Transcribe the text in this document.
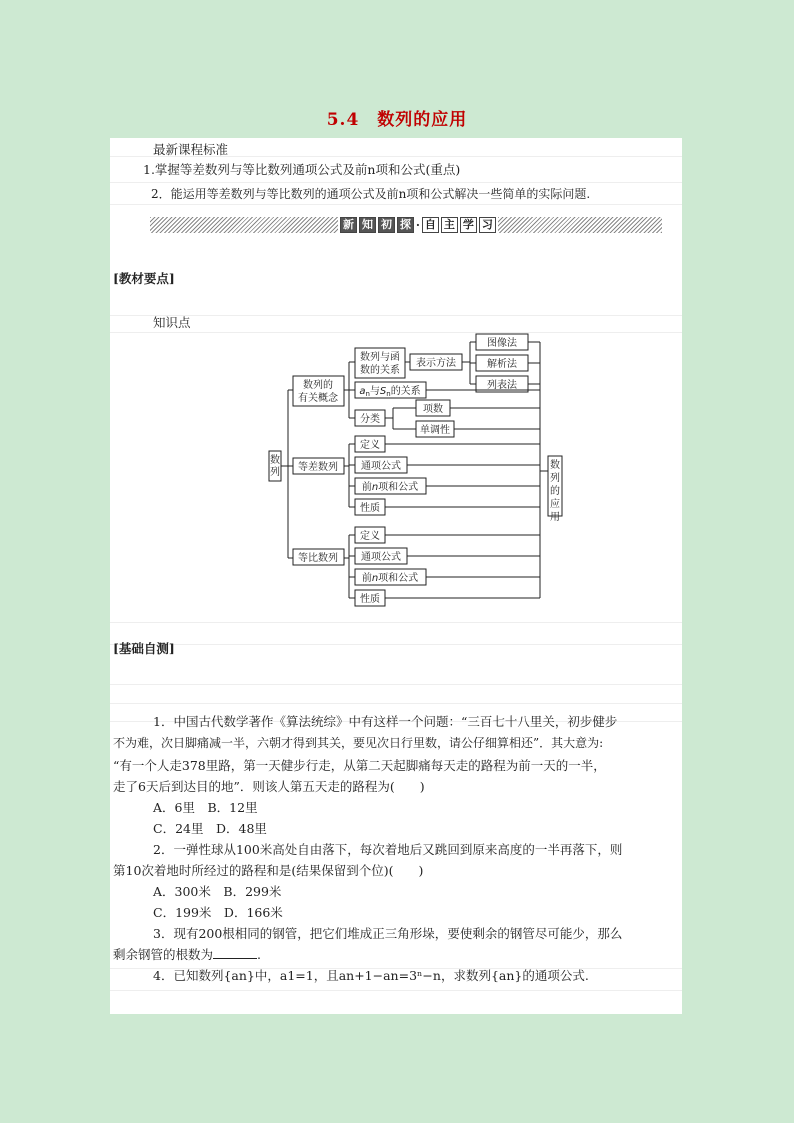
5.4　数列的应用
最新课程标准
1.掌握等差数列与等比数列通项公式及前n项和公式(重点)
2．能运用等差数列与等比数列的通项公式及前n项和公式解决一些简单的实际问题.
新 知 初 探 · 自 主 学 习
[教材要点]
知识点
数
列
数列的
有关概念
等差数列
等比数列
数列与函
数的关系
表示方法
图像法
解析法
列表法
$a_n$与$S_n$的关系
分类
项数
单调性
定义
通项公式
前n项和公式
性质
定义
通项公式
前n项和公式
性质
数
列
的
应
用
[基础自测]
1．中国古代数学著作《算法统综》中有这样一个问题：“三百七十八里关，初步健步
不为难，次日脚痛减一半，六朝才得到其关，要见次日行里数，请公仔细算相还”．其大意为:
“有一个人走378里路，第一天健步行走，从第二天起脚痛每天走的路程为前一天的一半，
走了6天后到达目的地”．则该人第五天走的路程为(　　)
A．6里　B．12里
C．24里　D．48里
2．一弹性球从100米高处自由落下，每次着地后又跳回到原来高度的一半再落下，则
第10次着地时所经过的路程和是(结果保留到个位)(　　)
A．300米　B．299米
C．199米　D．166米
3．现有200根相同的钢管，把它们堆成正三角形垛，要使剩余的钢管尽可能少，那么
剩余钢管的根数为	.
4．已知数列{an}中，a1=1，且an+1−an=3ⁿ−n，求数列{an}的通项公式.
